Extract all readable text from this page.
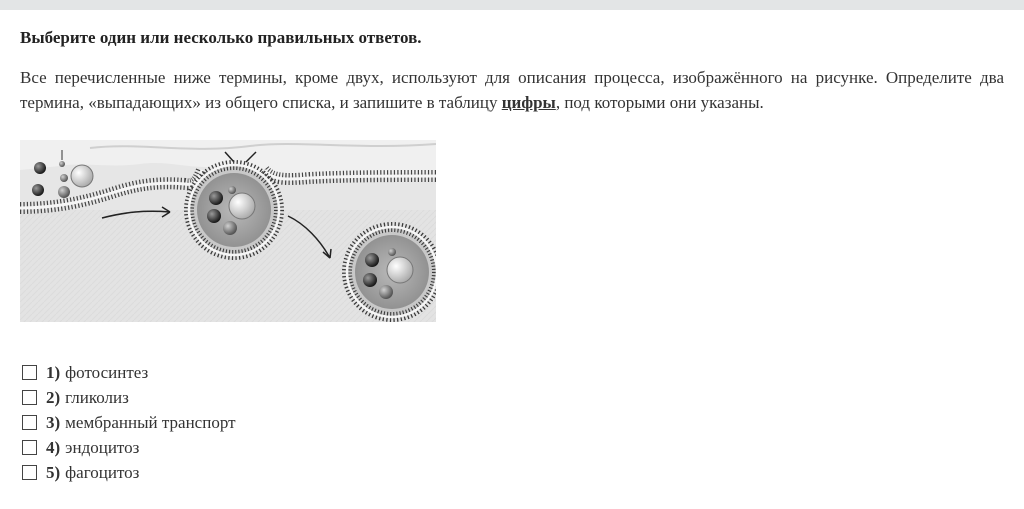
Выберите один или несколько правильных ответов.
Все перечисленные ниже термины, кроме двух, используют для описания процесса, изображённого на рисунке. Определите два термина, «выпадающих» из общего списка, и запишите в таблицу цифры, под которыми они указаны.
1) фотосинтез
2) гликолиз
3) мембранный транспорт
4) эндоцитоз
5) фагоцитоз
